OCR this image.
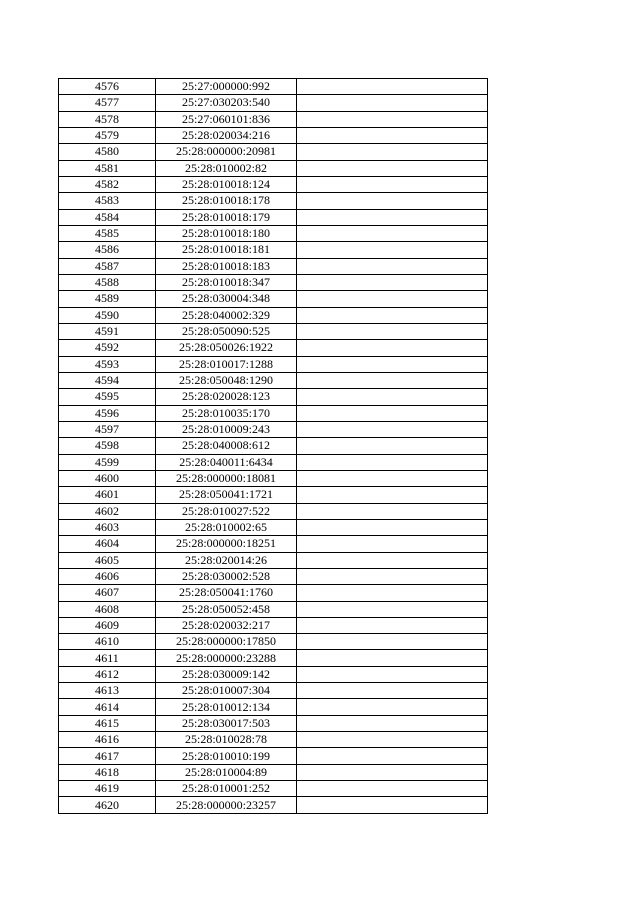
4576	25:27:000000:992	
4577	25:27:030203:540	
4578	25:27:060101:836	
4579	25:28:020034:216	
4580	25:28:000000:20981	
4581	25:28:010002:82	
4582	25:28:010018:124	
4583	25:28:010018:178	
4584	25:28:010018:179	
4585	25:28:010018:180	
4586	25:28:010018:181	
4587	25:28:010018:183	
4588	25:28:010018:347	
4589	25:28:030004:348	
4590	25:28:040002:329	
4591	25:28:050090:525	
4592	25:28:050026:1922	
4593	25:28:010017:1288	
4594	25:28:050048:1290	
4595	25:28:020028:123	
4596	25:28:010035:170	
4597	25:28:010009:243	
4598	25:28:040008:612	
4599	25:28:040011:6434	
4600	25:28:000000:18081	
4601	25:28:050041:1721	
4602	25:28:010027:522	
4603	25:28:010002:65	
4604	25:28:000000:18251	
4605	25:28:020014:26	
4606	25:28:030002:528	
4607	25:28:050041:1760	
4608	25:28:050052:458	
4609	25:28:020032:217	
4610	25:28:000000:17850	
4611	25:28:000000:23288	
4612	25:28:030009:142	
4613	25:28:010007:304	
4614	25:28:010012:134	
4615	25:28:030017:503	
4616	25:28:010028:78	
4617	25:28:010010:199	
4618	25:28:010004:89	
4619	25:28:010001:252	
4620	25:28:000000:23257	
